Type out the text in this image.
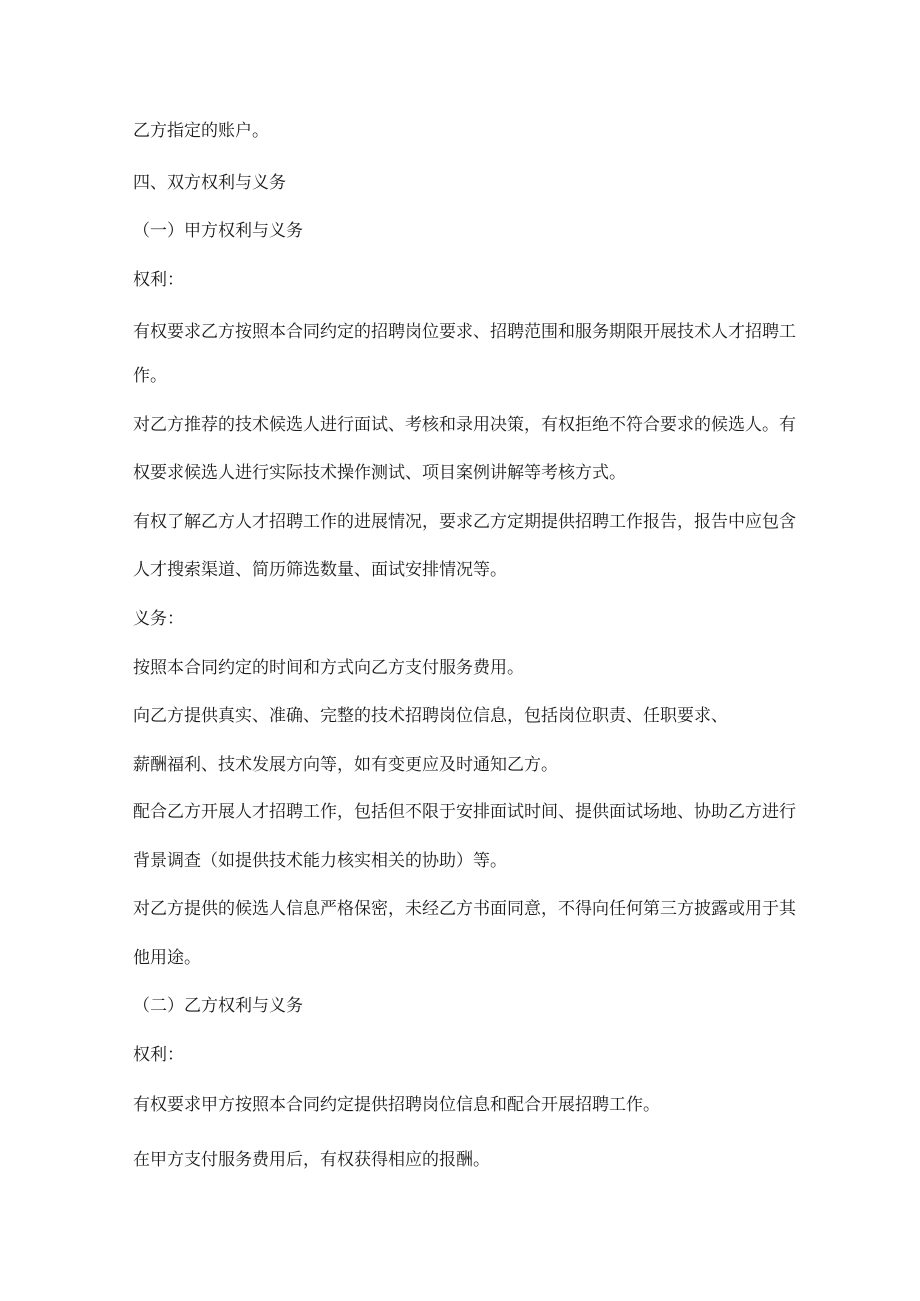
乙方指定的账户。
四、双方权利与义务
（一）甲方权利与义务
权利：
有权要求乙方按照本合同约定的招聘岗位要求、招聘范围和服务期限开展技术人才招聘工
作。
对乙方推荐的技术候选人进行面试、考核和录用决策，有权拒绝不符合要求的候选人。有
权要求候选人进行实际技术操作测试、项目案例讲解等考核方式。
有权了解乙方人才招聘工作的进展情况，要求乙方定期提供招聘工作报告，报告中应包含
人才搜索渠道、简历筛选数量、面试安排情况等。
义务：
按照本合同约定的时间和方式向乙方支付服务费用。
向乙方提供真实、准确、完整的技术招聘岗位信息，包括岗位职责、任职要求、
薪酬福利、技术发展方向等，如有变更应及时通知乙方。
配合乙方开展人才招聘工作，包括但不限于安排面试时间、提供面试场地、协助乙方进行
背景调查（如提供技术能力核实相关的协助）等。
对乙方提供的候选人信息严格保密，未经乙方书面同意，不得向任何第三方披露或用于其
他用途。
（二）乙方权利与义务
权利：
有权要求甲方按照本合同约定提供招聘岗位信息和配合开展招聘工作。
在甲方支付服务费用后，有权获得相应的报酬。
